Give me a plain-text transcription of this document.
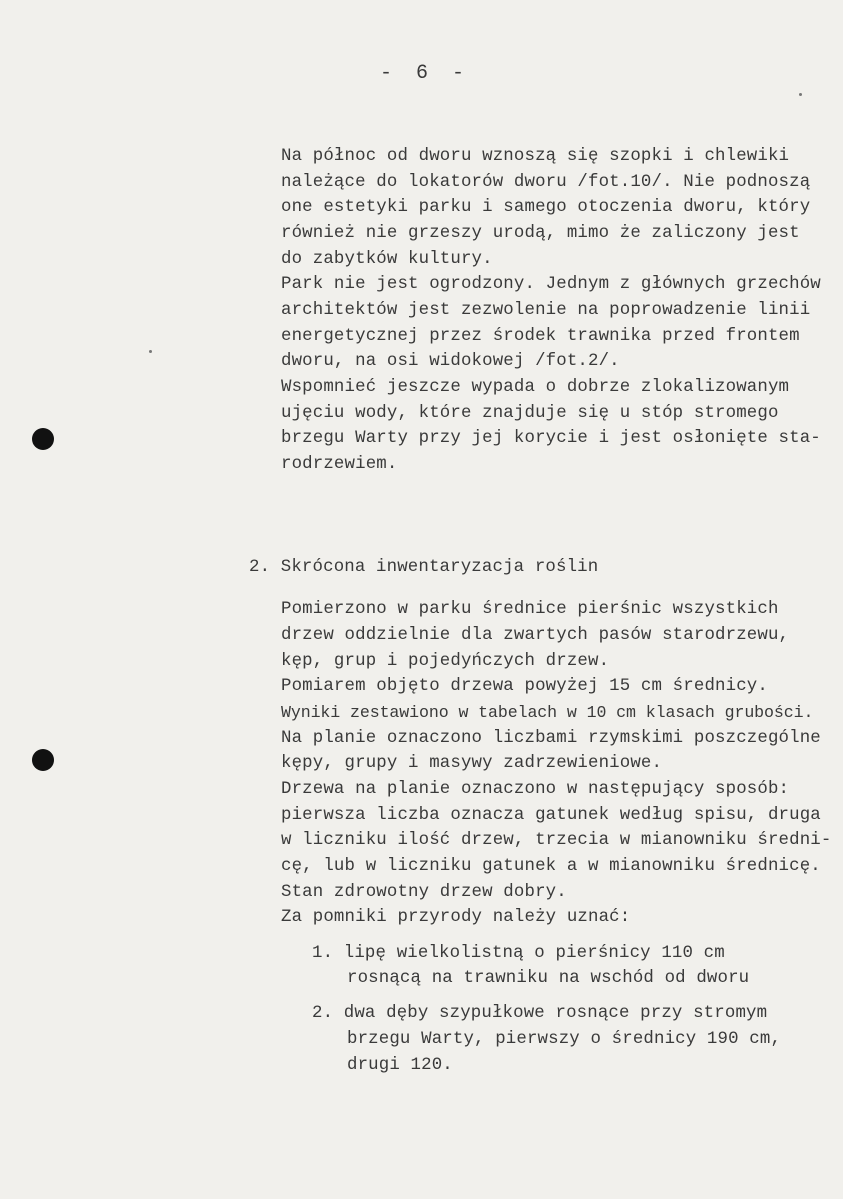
- 6 -
Na północ od dworu wznoszą się szopki i chlewiki
należące do lokatorów dworu /fot.10/. Nie podnoszą
one estetyki parku i samego otoczenia dworu, który
również nie grzeszy urodą, mimo że zaliczony jest
do zabytków kultury.
Park nie jest ogrodzony. Jednym z głównych grzechów
architektów jest zezwolenie na poprowadzenie linii
energetycznej przez środek trawnika przed frontem
dworu, na osi widokowej /fot.2/.
Wspomnieć jeszcze wypada o dobrze zlokalizowanym
ujęciu wody, które znajduje się u stóp stromego
brzegu Warty przy jej korycie i jest osłonięte sta-
rodrzewiem.
2. Skrócona inwentaryzacja roślin
Pomierzono w parku średnice pierśnic wszystkich
drzew oddzielnie dla zwartych pasów starodrzewu,
kęp, grup i pojedyńczych drzew.
Pomiarem objęto drzewa powyżej 15 cm średnicy.
Wyniki zestawiono w tabelach w 10 cm klasach grubości.
Na planie oznaczono liczbami rzymskimi poszczególne
kępy, grupy i masywy zadrzewieniowe.
Drzewa na planie oznaczono w następujący sposób:
pierwsza liczba oznacza gatunek według spisu, druga
w liczniku ilość drzew, trzecia w mianowniku średni-
cę, lub w liczniku gatunek a w mianowniku średnicę.
Stan zdrowotny drzew dobry.
Za pomniki przyrody należy uznać:
1. lipę wielkolistną o pierśnicy 110 cm
rosnącą na trawniku na wschód od dworu
2. dwa dęby szypułkowe rosnące przy stromym
brzegu Warty, pierwszy o średnicy 190 cm,
drugi 120.
